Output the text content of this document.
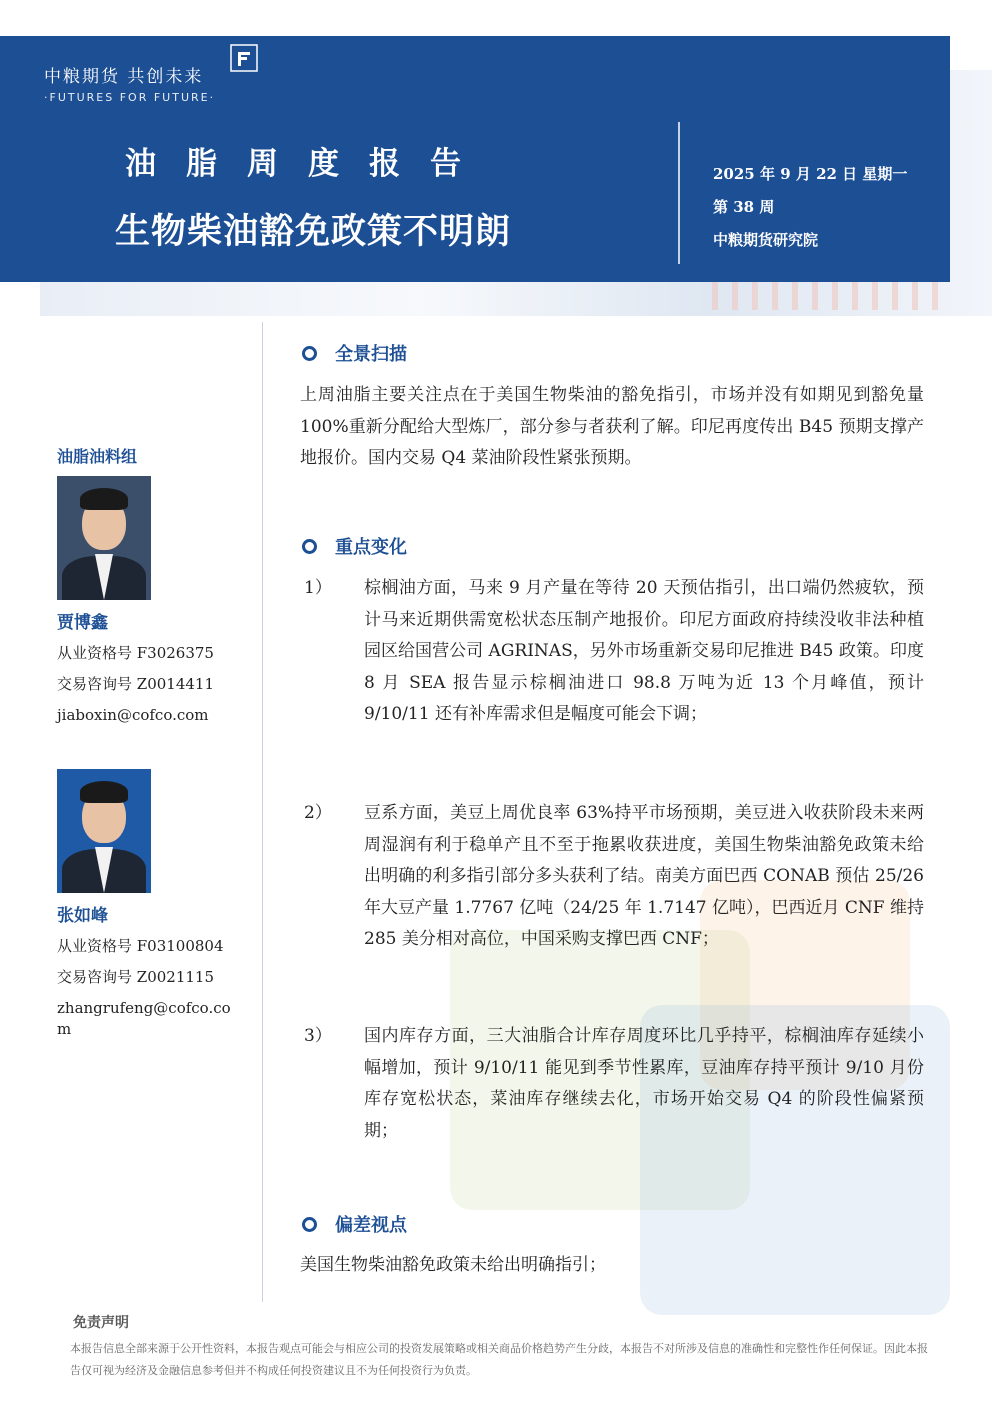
中粮期货 共创未来
·FUTURES FOR FUTURE·
油脂周度报告
生物柴油豁免政策不明朗
2025 年 9 月 22 日 星期一
第 38 周
中粮期货研究院
油脂油料组
贾博鑫
从业资格号 F3026375
交易咨询号 Z0014411
jiaboxin@cofco.com
张如峰
从业资格号 F03100804
交易咨询号 Z0021115
zhangrufeng@cofco.com
全景扫描
上周油脂主要关注点在于美国生物柴油的豁免指引，市场并没有如期见到豁免量 100%重新分配给大型炼厂，部分参与者获利了解。印尼再度传出 B45 预期支撑产地报价。国内交易 Q4 菜油阶段性紧张预期。
重点变化
1）	棕榈油方面，马来 9 月产量在等待 20 天预估指引，出口端仍然疲软，预计马来近期供需宽松状态压制产地报价。印尼方面政府持续没收非法种植园区给国营公司 AGRINAS，另外市场重新交易印尼推进 B45 政策。印度 8 月 SEA 报告显示棕榈油进口 98.8 万吨为近 13 个月峰值，预计 9/10/11 还有补库需求但是幅度可能会下调；
2）	豆系方面，美豆上周优良率 63%持平市场预期，美豆进入收获阶段未来两周湿润有利于稳单产且不至于拖累收获进度，美国生物柴油豁免政策未给出明确的利多指引部分多头获利了结。南美方面巴西 CONAB 预估 25/26 年大豆产量 1.7767 亿吨（24/25 年 1.7147 亿吨），巴西近月 CNF 维持 285 美分相对高位，中国采购支撑巴西 CNF；
3）	国内库存方面，三大油脂合计库存周度环比几乎持平，棕榈油库存延续小幅增加，预计 9/10/11 能见到季节性累库，豆油库存持平预计 9/10 月份库存宽松状态，菜油库存继续去化，市场开始交易 Q4 的阶段性偏紧预期；
偏差视点
美国生物柴油豁免政策未给出明确指引；
免责声明
本报告信息全部来源于公开性资料，本报告观点可能会与相应公司的投资发展策略或相关商品价格趋势产生分歧，本报告不对所涉及信息的准确性和完整性作任何保证。因此本报告仅可视为经济及金融信息参考但并不构成任何投资建议且不为任何投资行为负责。
